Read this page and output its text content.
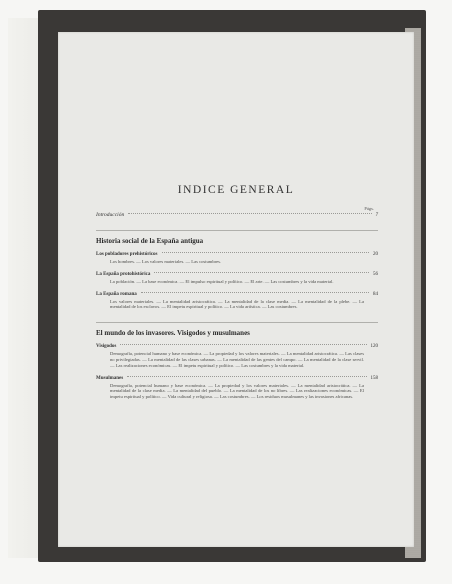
INDICE GENERAL
Págs.
Introducción	7
Historia social de la España antigua
Los pobladores prehistóricos	20
Los hombres. — Los valores materiales. — Las costumbres.
La España protohistórica	56
La población. — La base económica. — El impulso espiritual y político. — El arte. — Las costumbres y la vida material.
La España romana	84
Los valores materiales. — La mentalidad aristocrática. — La mentalidad de la clase media. — La mentalidad de la plebe. — La mentalidad de los esclavos. — El impetu espiritual y político. — La vida artística. — Las costumbres.
El mundo de los invasores. Visigodos y musulmanes
Visigodos	120
Demografía, potencial humano y base económica. — La propiedad y los valores materiales. — La mentalidad aristocrática. — Las clases no privilegiadas. — La mentalidad de las clases urbanas. — La mentalidad de las gentes del campo. — La mentalidad de la clase servil. — Las realizaciones económicas. — El impetu espiritual y político. — Las costumbres y la vida material.
Musulmanes	158
Demografía, potencial humano y base económica. — La propiedad y los valores materiales. — La mentalidad aristocrática. — La mentalidad de la clase media. — La mentalidad del pueblo. — La mentalidad de los no libres. — Las realizaciones económicas. — El impetu espiritual y político. — Vida cultural y religiosa. — Las costumbres. — Los residuos musulmanes y las invasiones africanas.
